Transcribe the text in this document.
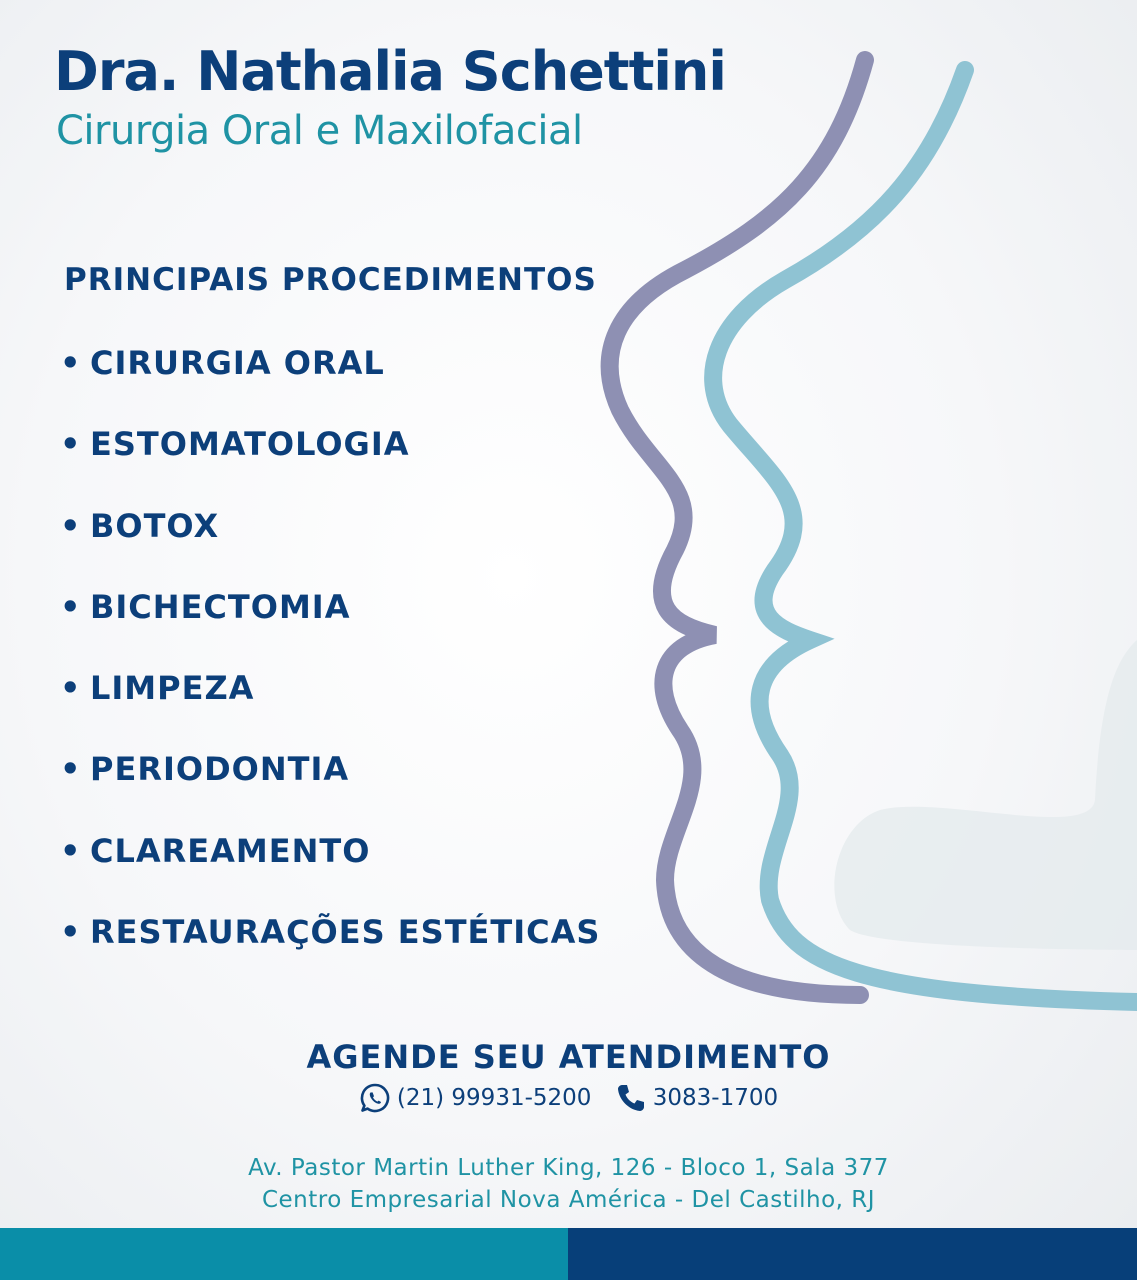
Dra. Nathalia Schettini
Cirurgia Oral e Maxilofacial
PRINCIPAIS PROCEDIMENTOS
• CIRURGIA ORAL
• ESTOMATOLOGIA
• BOTOX
• BICHECTOMIA
• LIMPEZA
• PERIODONTIA
• CLAREAMENTO
• RESTAURAÇÕES ESTÉTICAS
AGENDE SEU ATENDIMENTO
(21) 99931-5200
	3083-1700
Av. Pastor Martin Luther King, 126 - Bloco 1, Sala 377
Centro Empresarial Nova América - Del Castilho, RJ
